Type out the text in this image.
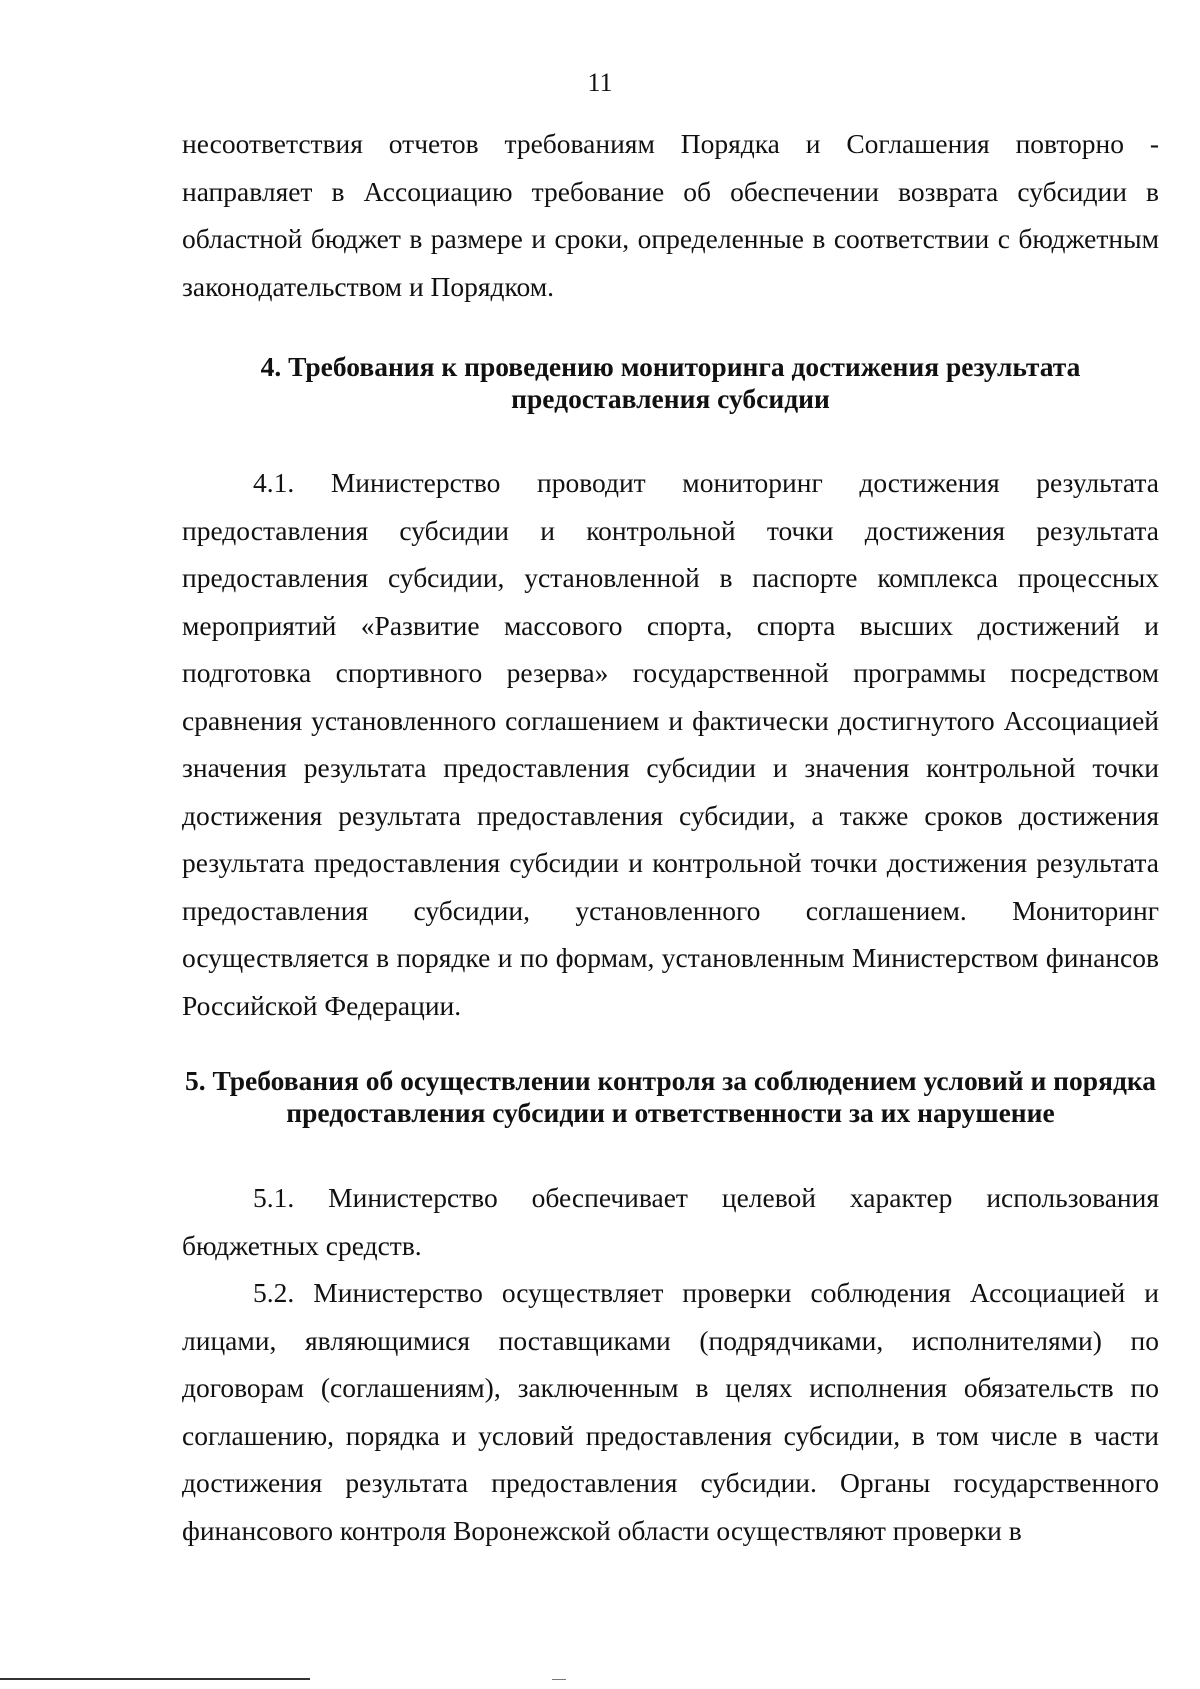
11

несоответствия отчетов требованиям Порядка и Соглашения повторно - направляет в Ассоциацию требование об обеспечении возврата субсидии в областной бюджет в размере и сроки, определенные в соответствии с бюджетным законодательством и Порядком.

4. Требования к проведению мониторинга достижения результата
предоставления субсидии

4.1. Министерство проводит мониторинг достижения результата предоставления субсидии и контрольной точки достижения результата предоставления субсидии, установленной в паспорте комплекса процессных мероприятий «Развитие массового спорта, спорта высших достижений и подготовка спортивного резерва» государственной программы посредством сравнения установленного соглашением и фактически достигнутого Ассоциацией значения результата предоставления субсидии и значения контрольной точки достижения результата предоставления субсидии, а также сроков достижения результата предоставления субсидии и контрольной точки достижения результата предоставления субсидии, установленного соглашением. Мониторинг осуществляется в порядке и по формам, установленным Министерством финансов Российской Федерации.

5. Требования об осуществлении контроля за соблюдением условий и порядка
предоставления субсидии и ответственности за их нарушение

5.1. Министерство обеспечивает целевой характер использования бюджетных средств.

5.2. Министерство осуществляет проверки соблюдения Ассоциацией и лицами, являющимися поставщиками (подрядчиками, исполнителями) по договорам (соглашениям), заключенным в целях исполнения обязательств по соглашению, порядка и условий предоставления субсидии, в том числе в части достижения результата предоставления субсидии. Органы государственного финансового контроля Воронежской области осуществляют проверки в
